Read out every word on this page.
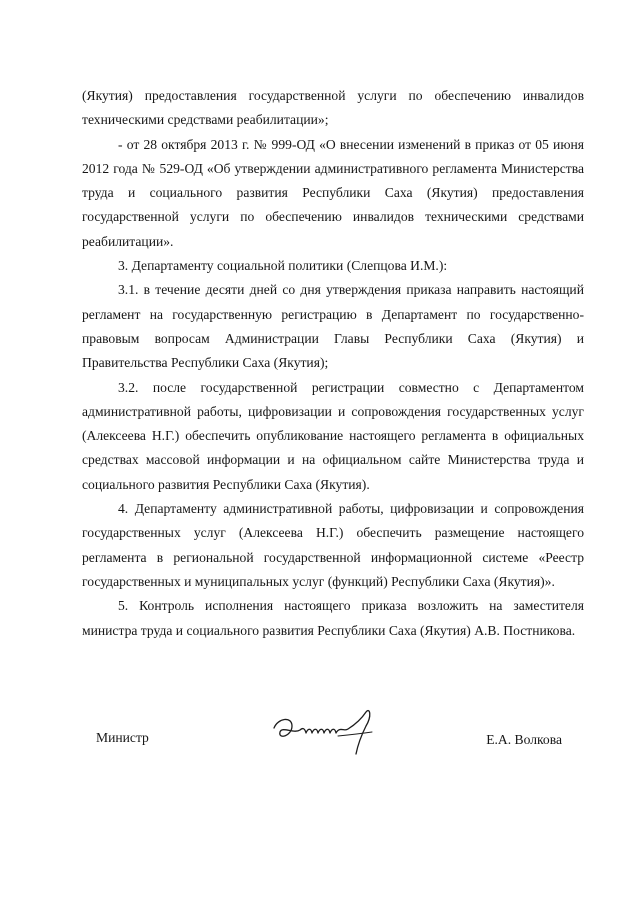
(Якутия) предоставления государственной услуги по обеспечению инвалидов техническими средствами реабилитации»;

- от 28 октября 2013 г. № 999-ОД «О внесении изменений в приказ от 05 июня 2012 года № 529-ОД «Об утверждении административного регламента Министерства труда и социального развития Республики Саха (Якутия) предоставления государственной услуги по обеспечению инвалидов техническими средствами реабилитации».

3. Департаменту социальной политики (Слепцова И.М.):

3.1. в течение десяти дней со дня утверждения приказа направить настоящий регламент на государственную регистрацию в Департамент по государственно-правовым вопросам Администрации Главы Республики Саха (Якутия) и Правительства Республики Саха (Якутия);

3.2. после государственной регистрации совместно с Департаментом административной работы, цифровизации и сопровождения государственных услуг (Алексеева Н.Г.) обеспечить опубликование настоящего регламента в официальных средствах массовой информации и на официальном сайте Министерства труда и социального развития Республики Саха (Якутия).

4. Департаменту административной работы, цифровизации и сопровождения государственных услуг (Алексеева Н.Г.) обеспечить размещение настоящего регламента в региональной государственной информационной системе «Реестр государственных и муниципальных услуг (функций) Республики Саха (Якутия)».

5. Контроль исполнения настоящего приказа возложить на заместителя министра труда и социального развития Республики Саха (Якутия) А.В. Постникова.

Министр	Е.А. Волкова
